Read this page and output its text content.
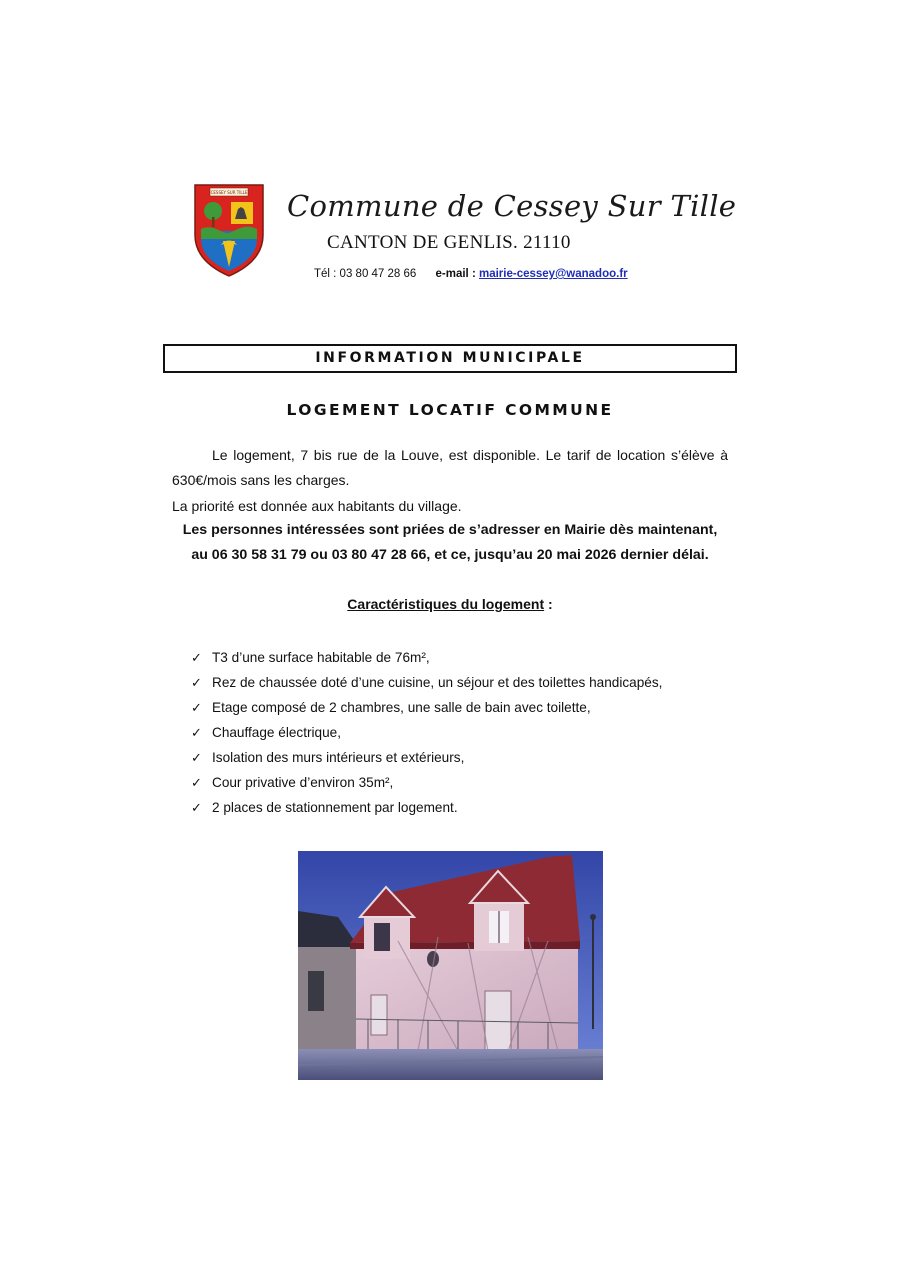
CESSEY SUR TILLE Commune de Cessey Sur Tille
CANTON DE GENLIS. 21110
Tél : 03 80 47 28 66 e-mail : mairie-cessey@wanadoo.fr
INFORMATION MUNICIPALE
LOGEMENT LOCATIF COMMUNE
Le logement, 7 bis rue de la Louve, est disponible. Le tarif de location s’élève à 630€/mois sans les charges.
La priorité est donnée aux habitants du village.
Les personnes intéressées sont priées de s’adresser en Mairie dès maintenant,
au 06 30 58 31 79 ou 03 80 47 28 66, et ce, jusqu’au 20 mai 2026 dernier délai.
Caractéristiques du logement :
✓ T3 d’une surface habitable de 76m²,
✓ Rez de chaussée doté d’une cuisine, un séjour et des toilettes handicapés,
✓ Etage composé de 2 chambres, une salle de bain avec toilette,
✓ Chauffage électrique,
✓ Isolation des murs intérieurs et extérieurs,
✓ Cour privative d’environ 35m²,
✓ 2 places de stationnement par logement.
